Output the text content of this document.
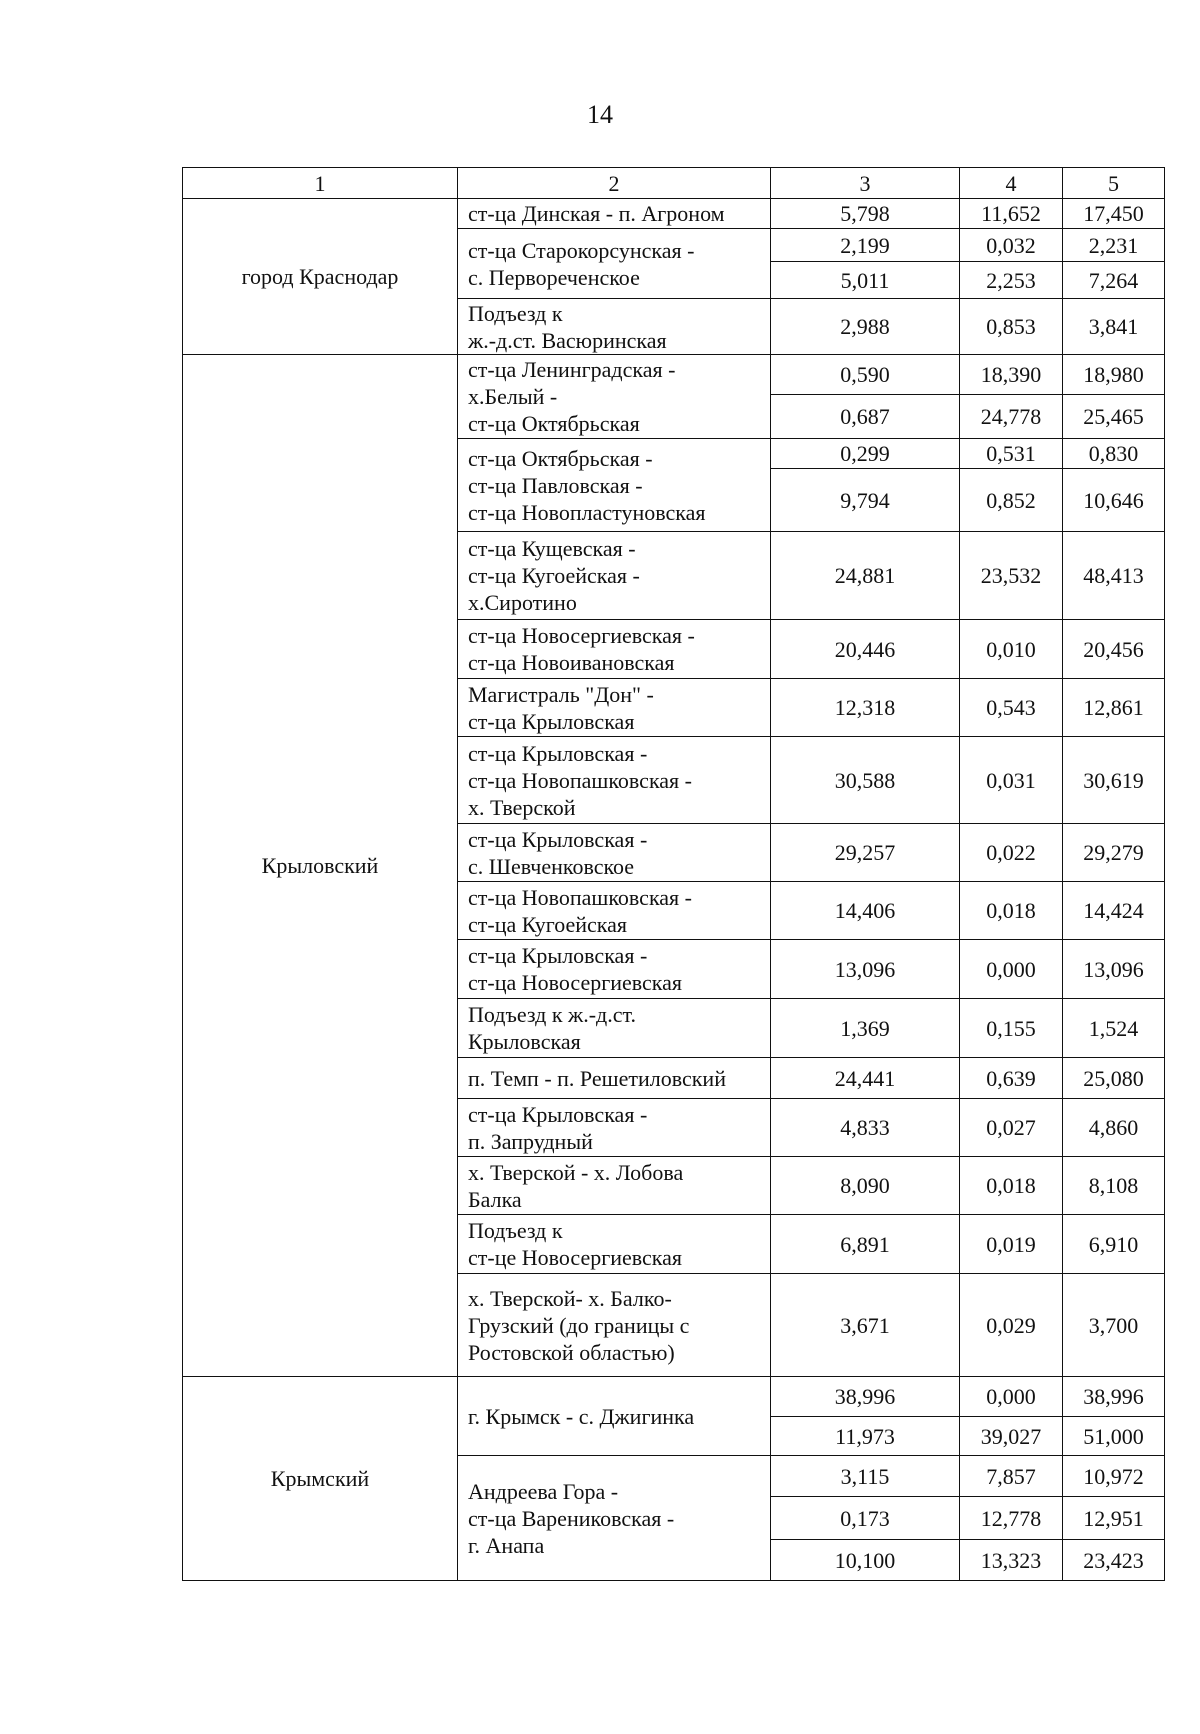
14
1	2	3	4	5
город Краснодар	ст-ца Динская - п. Агроном	5,798	11,652	17,450

	ст-ца Старокорсунская -
с. Первореченское	2,199	0,032	2,231
		5,011	2,253	7,264

	Подъезд к
ж.-д.ст. Васюринская	2,988	0,853	3,841
Крыловский	ст-ца Ленинградская -
х.Белый -
ст-ца Октябрьская	0,590	18,390	18,980
		0,687	24,778	25,465

	ст-ца Октябрьская -
ст-ца Павловская -
ст-ца Новопластуновская	0,299	0,531	0,830
		9,794	0,852	10,646

	ст-ца Кущевская -
ст-ца Кугоейская -
х.Сиротино	24,881	23,532	48,413

	ст-ца Новосергиевская -
ст-ца Новоивановская	20,446	0,010	20,456

	Магистраль "Дон" -
ст-ца Крыловская	12,318	0,543	12,861

	ст-ца Крыловская -
ст-ца Новопашковская -
х. Тверской	30,588	0,031	30,619

	ст-ца Крыловская -
с. Шевченковское	29,257	0,022	29,279

	ст-ца Новопашковская -
ст-ца Кугоейская	14,406	0,018	14,424

	ст-ца Крыловская -
ст-ца Новосергиевская	13,096	0,000	13,096

	Подъезд к ж.-д.ст.
Крыловская	1,369	0,155	1,524

	п. Темп - п. Решетиловский	24,441	0,639	25,080

	ст-ца Крыловская -
п. Запрудный	4,833	0,027	4,860

	х. Тверской - х. Лобова
Балка	8,090	0,018	8,108

	Подъезд к
ст-це Новосергиевская	6,891	0,019	6,910

	х. Тверской- х. Балко-
Грузский (до границы с
Ростовской областью)	3,671	0,029	3,700
Крымский	г. Крымск - с. Джигинка	38,996	0,000	38,996
		11,973	39,027	51,000

	Андреева Гора -
ст-ца Варениковская -
г. Анапа	3,115	7,857	10,972
		0,173	12,778	12,951
		10,100	13,323	23,423
